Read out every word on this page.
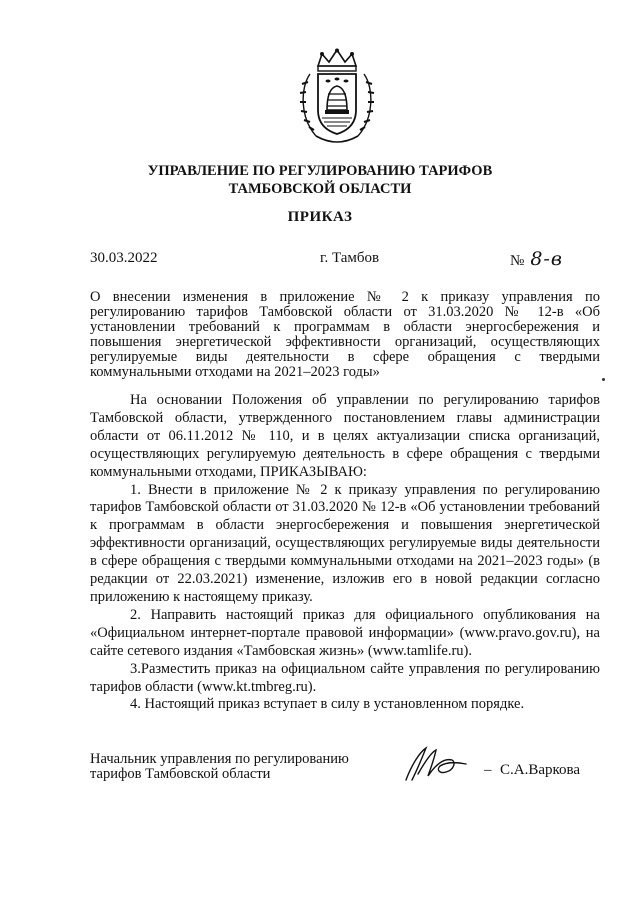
УПРАВЛЕНИЕ ПО РЕГУЛИРОВАНИЮ ТАРИФОВ
ТАМБОВСКОЙ ОБЛАСТИ
ПРИКАЗ
30.03.2022	г. Тамбов	№ 8-в
О внесении изменения в приложение № 2 к приказу управления по регулированию тарифов Тамбовской области от 31.03.2020 № 12-в «Об установлении требований к программам в области энергосбережения и повышения энергетической эффективности организаций, осуществляющих регулируемые виды деятельности в сфере обращения с твердыми коммунальными отходами на 2021–2023 годы»

На основании Положения об управлении по регулированию тарифов Тамбовской области, утвержденного постановлением главы администрации области от 06.11.2012 № 110, и в целях актуализации списка организаций, осуществляющих регулируемую деятельность в сфере обращения с твердыми коммунальными отходами, ПРИКАЗЫВАЮ:

1. Внести в приложение № 2 к приказу управления по регулированию тарифов Тамбовской области от 31.03.2020 № 12-в «Об установлении требований к программам в области энергосбережения и повышения энергетической эффективности организаций, осуществляющих регулируемые виды деятельности в сфере обращения с твердыми коммунальными отходами на 2021–2023 годы» (в редакции от 22.03.2021) изменение, изложив его в новой редакции согласно приложению к настоящему приказу.

2. Направить настоящий приказ для официального опубликования на «Официальном интернет-портале правовой информации» (www.pravo.gov.ru), на сайте сетевого издания «Тамбовская жизнь» (www.tamlife.ru).

3.Разместить приказ на официальном сайте управления по регулированию тарифов области (www.kt.tmbreg.ru).

4. Настоящий приказ вступает в силу в установленном порядке.

Начальник управления по регулированию
тарифов Тамбовской области	– С.А.Варкова
